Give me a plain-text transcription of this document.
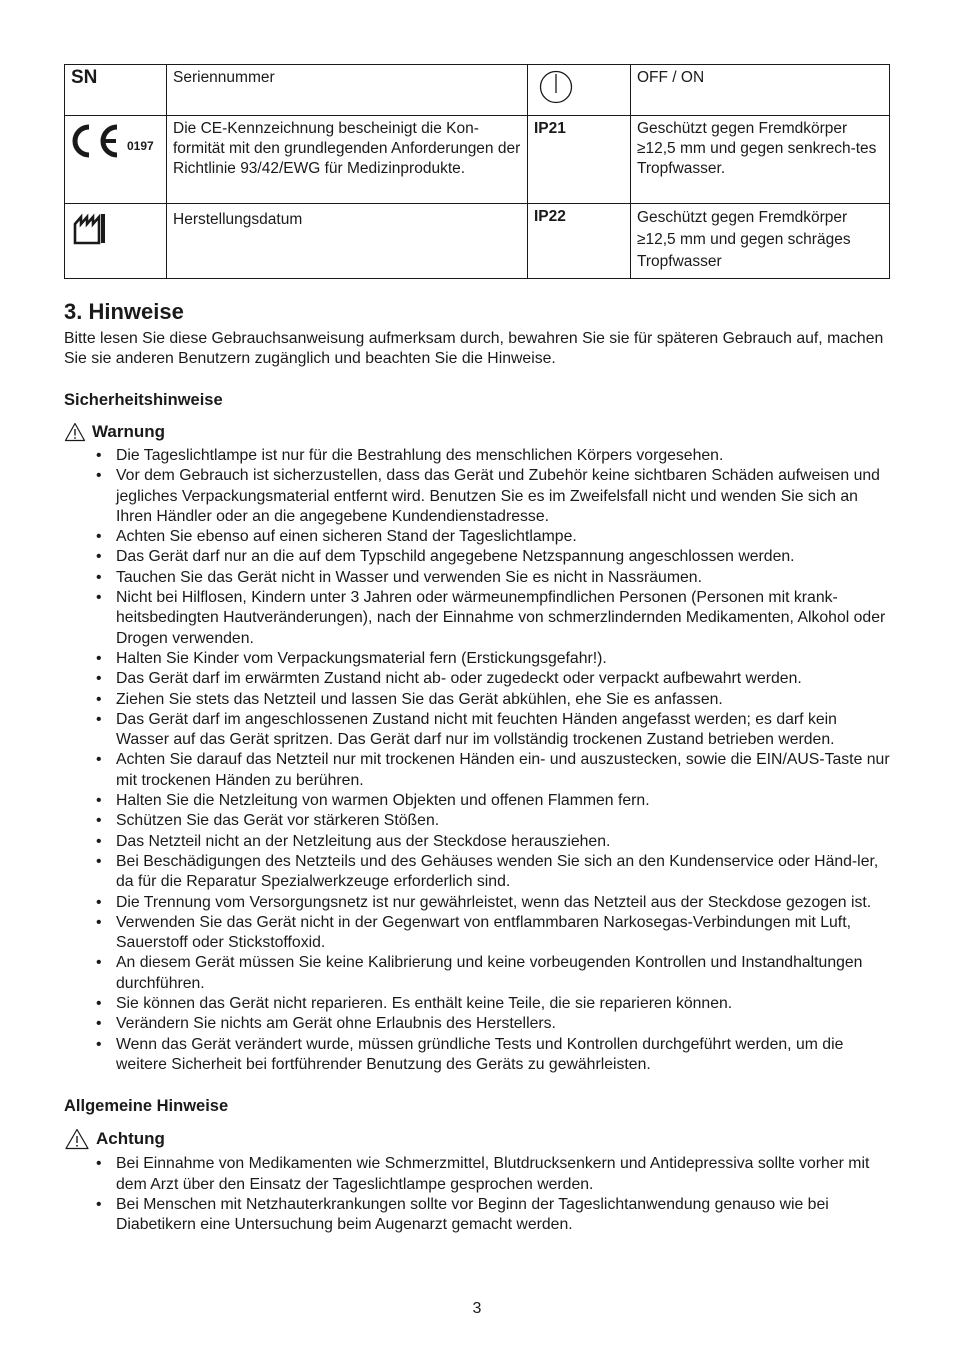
SN	Seriennummer		OFF / ON

0197	Die CE-Kennzeichnung bescheinigt die Kon-formität mit den grundlegenden Anforderungen der Richtlinie 93/42/EWG für Medizinprodukte.	IP21	Geschützt gegen Fremdkörper ≥12,5 mm und gegen senkrech-tes Tropfwasser.
	Herstellungsdatum	IP22	Geschützt gegen Fremdkörper ≥12,5 mm und gegen schräges Tropfwasser
3. Hinweise

Bitte lesen Sie diese Gebrauchsanweisung aufmerksam durch, bewahren Sie sie für späteren Gebrauch auf, machen Sie sie anderen Benutzern zugänglich und beachten Sie die Hinweise.

Sicherheitshinweise
Warnung
• Die Tageslichtlampe ist nur für die Bestrahlung des menschlichen Körpers vorgesehen.
• Vor dem Gebrauch ist sicherzustellen, dass das Gerät und Zubehör keine sichtbaren Schäden aufweisen und jegliches Verpackungsmaterial entfernt wird. Benutzen Sie es im Zweifelsfall nicht und wenden Sie sich an Ihren Händler oder an die angegebene Kundendienstadresse.
• Achten Sie ebenso auf einen sicheren Stand der Tageslichtlampe.
• Das Gerät darf nur an die auf dem Typschild angegebene Netzspannung angeschlossen werden.
• Tauchen Sie das Gerät nicht in Wasser und verwenden Sie es nicht in Nassräumen.
• Nicht bei Hilflosen, Kindern unter 3 Jahren oder wärmeunempfindlichen Personen (Personen mit krank-heitsbedingten Hautveränderungen), nach der Einnahme von schmerzlindernden Medikamenten, Alkohol oder Drogen verwenden.
• Halten Sie Kinder vom Verpackungsmaterial fern (Erstickungsgefahr!).
• Das Gerät darf im erwärmten Zustand nicht ab- oder zugedeckt oder verpackt aufbewahrt werden.
• Ziehen Sie stets das Netzteil und lassen Sie das Gerät abkühlen, ehe Sie es anfassen.
• Das Gerät darf im angeschlossenen Zustand nicht mit feuchten Händen angefasst werden; es darf kein Wasser auf das Gerät spritzen. Das Gerät darf nur im vollständig trockenen Zustand betrieben werden.
• Achten Sie darauf das Netzteil nur mit trockenen Händen ein- und auszustecken, sowie die EIN/AUS-Taste nur mit trockenen Händen zu berühren.
• Halten Sie die Netzleitung von warmen Objekten und offenen Flammen fern.
• Schützen Sie das Gerät vor stärkeren Stößen.
• Das Netzteil nicht an der Netzleitung aus der Steckdose herausziehen.
• Bei Beschädigungen des Netzteils und des Gehäuses wenden Sie sich an den Kundenservice oder Händ-ler, da für die Reparatur Spezialwerkzeuge erforderlich sind.
• Die Trennung vom Versorgungsnetz ist nur gewährleistet, wenn das Netzteil aus der Steckdose gezogen ist.
• Verwenden Sie das Gerät nicht in der Gegenwart von entflammbaren Narkosegas-Verbindungen mit Luft, Sauerstoff oder Stickstoffoxid.
• An diesem Gerät müssen Sie keine Kalibrierung und keine vorbeugenden Kontrollen und Instandhaltungen durchführen.
• Sie können das Gerät nicht reparieren. Es enthält keine Teile, die sie reparieren können.
• Verändern Sie nichts am Gerät ohne Erlaubnis des Herstellers.
• Wenn das Gerät verändert wurde, müssen gründliche Tests und Kontrollen durchgeführt werden, um die weitere Sicherheit bei fortführender Benutzung des Geräts zu gewährleisten.
Allgemeine Hinweise
Achtung
• Bei Einnahme von Medikamenten wie Schmerzmittel, Blutdrucksenkern und Antidepressiva sollte vorher mit dem Arzt über den Einsatz der Tageslichtlampe gesprochen werden.
• Bei Menschen mit Netzhauterkrankungen sollte vor Beginn der Tageslichtanwendung genauso wie bei Diabetikern eine Untersuchung beim Augenarzt gemacht werden.
3
